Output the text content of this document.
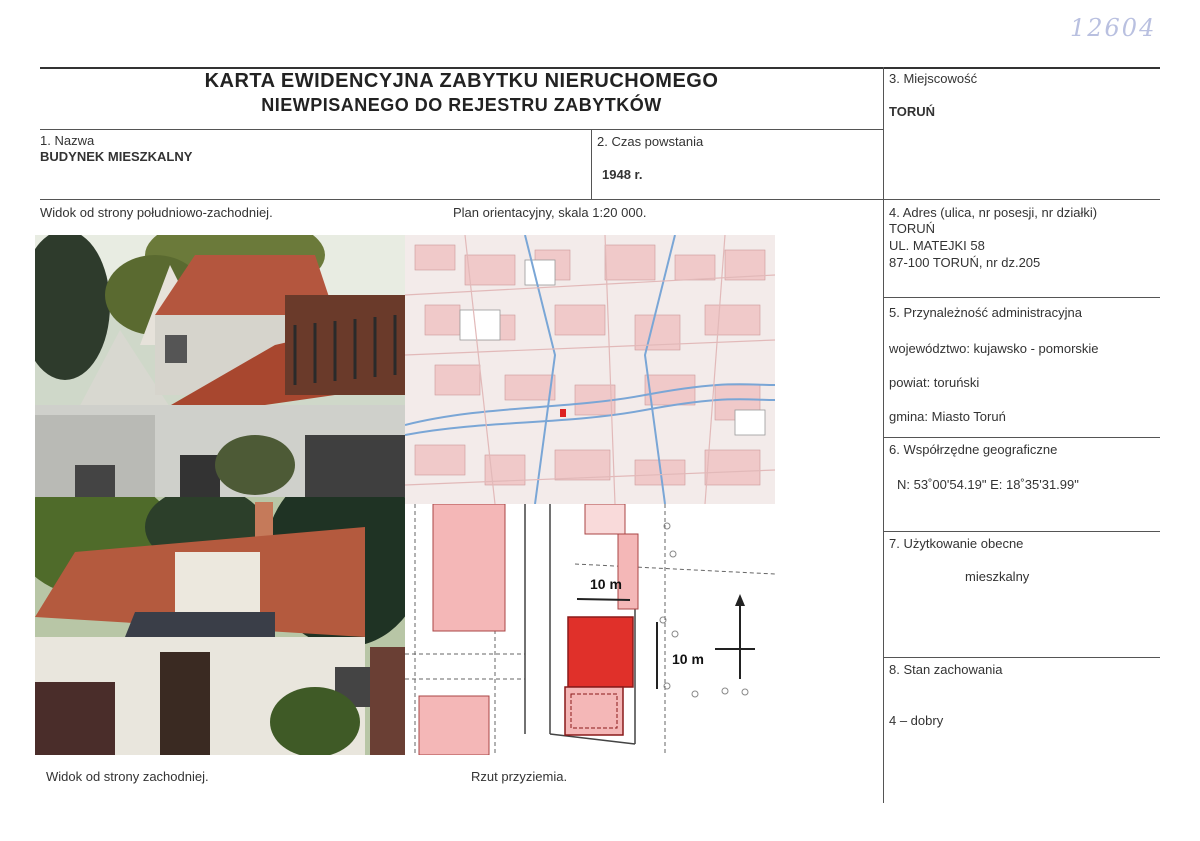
12604
KARTA EWIDENCYJNA ZABYTKU NIERUCHOMEGO
NIEWPISANEGO DO REJESTRU ZABYTKÓW
1. Nazwa
BUDYNEK MIESZKALNY
2. Czas powstania
1948 r.
3. Miejscowość
TORUŃ
4. Adres (ulica, nr posesji, nr działki)
TORUŃ
UL. MATEJKI 58
87-100 TORUŃ, nr dz.205
5. Przynależność administracyjna
województwo: kujawsko - pomorskie
powiat: toruński
gmina: Miasto Toruń
6. Współrzędne geograficzne
N: 53˚00'54.19" E: 18˚35'31.99"
7. Użytkowanie obecne
mieszkalny
8. Stan zachowania
4 – dobry
Widok od strony południowo-zachodniej.	Plan orientacyjny, skala 1:20 000.
Widok od strony zachodniej.	Rzut przyziemia.
10 m
10 m
